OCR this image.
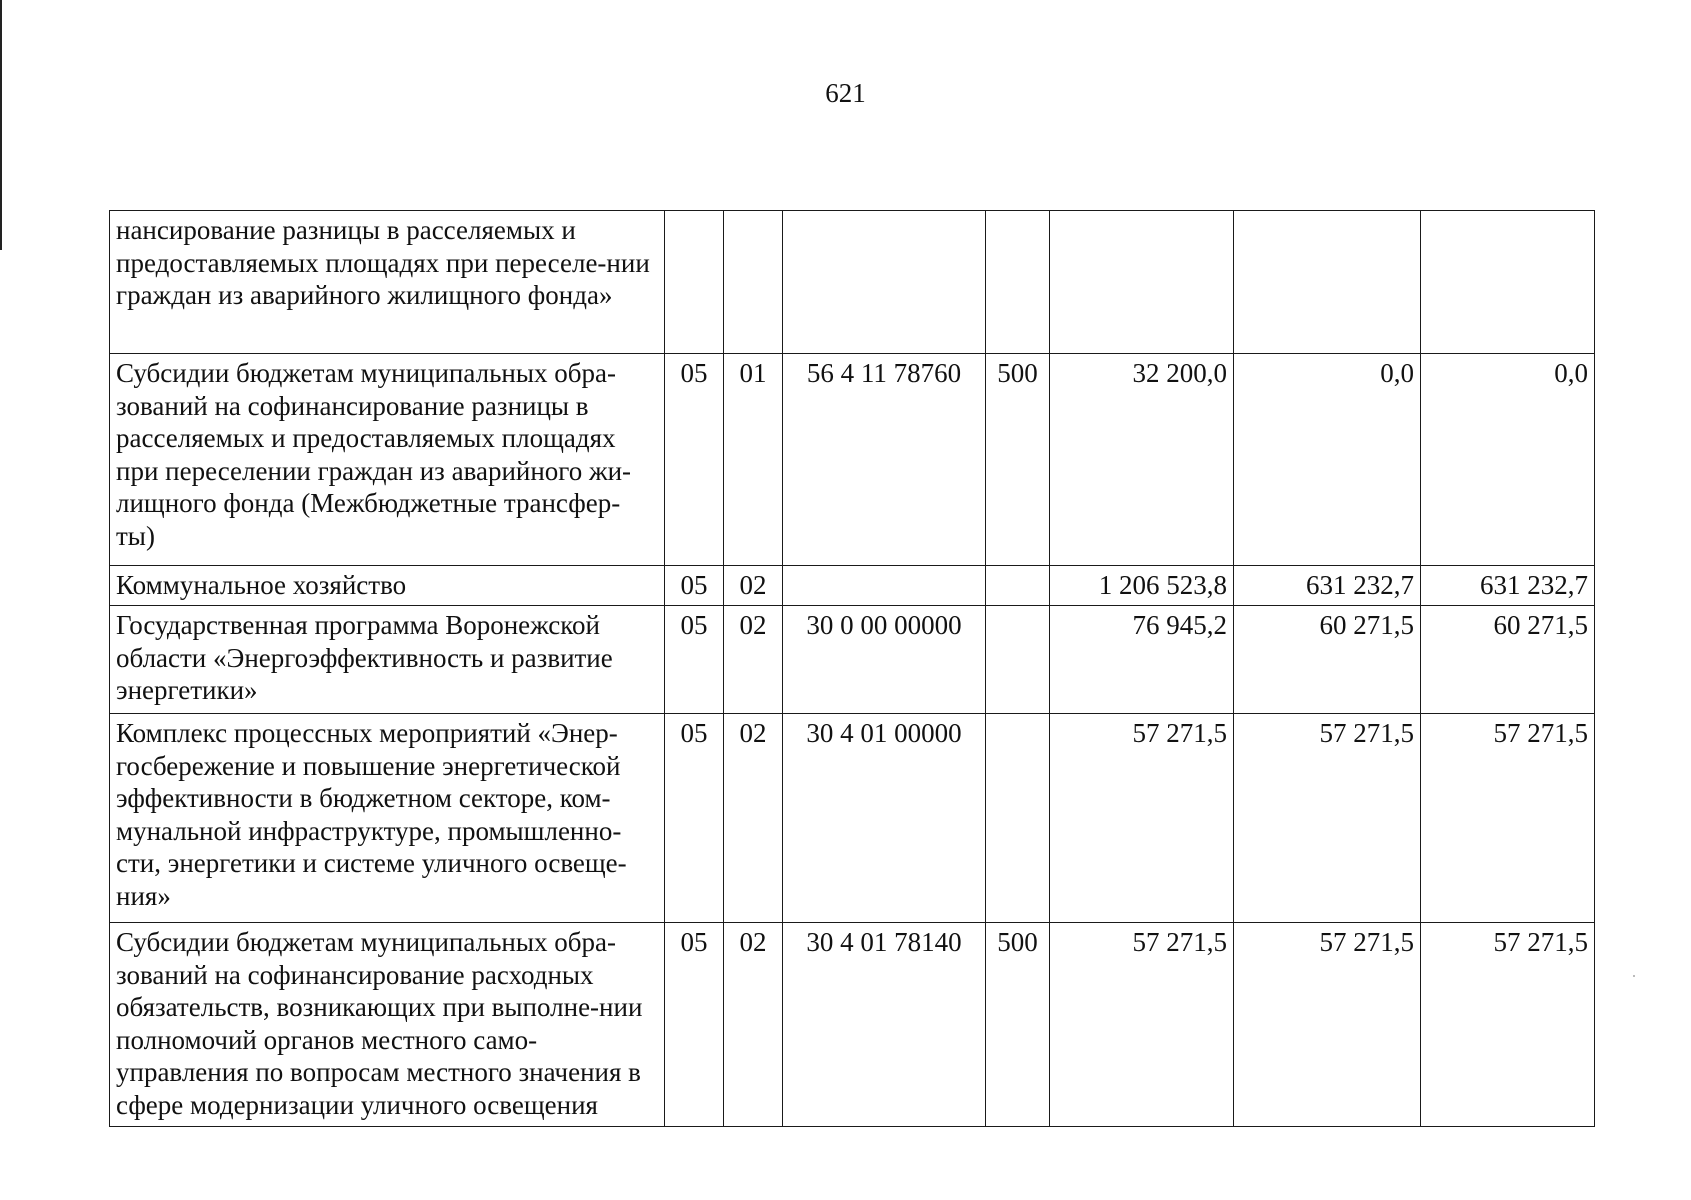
621
нансирование разницы в расселяемых и предоставляемых площадях при переселе-нии граждан из аварийного жилищного фонда»							
Субсидии бюджетам муниципальных обра-зований на софинансирование разницы в расселяемых и предоставляемых площадях при переселении граждан из аварийного жи-лищного фонда (Межбюджетные трансфер-ты)	05	01	56 4 11 78760	500	32 200,0	0,0	0,0
Коммунальное хозяйство	05	02			1 206 523,8	631 232,7	631 232,7
Государственная программа Воронежской области «Энергоэффективность и развитие энергетики»	05	02	30 0 00 00000		76 945,2	60 271,5	60 271,5
Комплекс процессных мероприятий «Энер-госбережение и повышение энергетической эффективности в бюджетном секторе, ком-мунальной инфраструктуре, промышленно-сти, энергетики и системе уличного освеще-ния»	05	02	30 4 01 00000		57 271,5	57 271,5	57 271,5
Субсидии бюджетам муниципальных обра-зований на софинансирование расходных обязательств, возникающих при выполне-нии полномочий органов местного само-управления по вопросам местного значения в сфере модернизации уличного освещения	05	02	30 4 01 78140	500	57 271,5	57 271,5	57 271,5
